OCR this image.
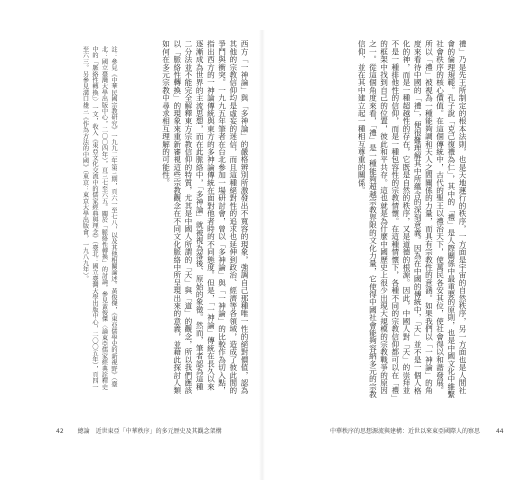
西方「一神論」與「多神論」的嚴格辨別所激發出不寬容的現象，強調自己那種唯一性的絕對價值，認為其他的宗教信仰均是虛妄的迷信，而且這種絕對性的追求也延伸到政治、經濟等各領域，造成了彼此間的爭鬥與衝突。一九九五年筆者在台北參加一場研討會，曾以「多神論」與「一神論」的比較作為切入點，指出西方的一神論傳統與東方的多神論傳統在面對他者時的不同態度。但是，「一神論」傳統在長久以來逐漸成為世界的主流思想，而在此脈絡中，「多神論」就被視為落後、原始的象徵。然而，筆者認為這種二分法並不能完全解釋東方宗教信仰的特質，尤其是中國人所謂的「天」與「道」的觀念，所以我們應該以「脈絡性轉換」的現象來重新審視這些宗教觀念在不同文化脈絡中所呈現出來的意義，並藉此探討人類如何在多元宗教中尋求相互理解的可能性。
註：參見《中華民國宗教研究》一九九二年第三期，頁六一至七八，以及其他相關論述。黃俊傑，《東亞儒學史的新視野》（臺北：國立臺灣大學出版中心，二〇〇四年），頁三七至六五。關於「脈絡性轉換」的討論，參見黃俊傑〈論東亞儒家經典詮釋史中的「脈絡性轉換」〉一文，收入《東亞文化交流中的儒家經典與理念》（臺北：國立臺灣大學出版中心，二〇〇五年），頁四一至六三。另參見溝口雄三《作為方法的中國》（東京：東京大學出版會，一九八九年）。	禮」乃是先王所制定的根本法則，也是天地運行的秩序，一方面是宇宙的自然秩序，另一方面也是人間社會的倫理規範。孔子說「克己復禮為仁」，其中的「禮」是人際關係中最重要的原則，也是中國文化中維繫社會秩序的核心價值。在這個傳統中，古代的聖王以禮治天下，使萬民各安其位，使社會得以和諧發展。所以「禮」被視為一種能夠調和天人之間關係的力量，而具有宗教性的意涵。如果我們以「一神論」的角度來看待中國的「禮」，便很難理解其中所蘊含的深刻意義。因為在中國的傳統中，「天」並不是一個人格化的神，而是一種超越性的存在，它既是自然的秩序，又是道德的根源。因此，中國人對「天」的崇拜並不是一種排他性的信仰，而是一種包容性的宗教情懷。在這種情懷下，各種不同的宗教信仰都可以在「禮」的框架中找到自己的位置，彼此和平共存。這也就是為什麼中國歷史上很少出現大規模的宗教戰爭的原因之一。從這個角度來看，「禮」是一種能夠超越宗教界限的文化力量，它使得中國社會能夠容納多元的宗教信仰，並在其中建立起一種相互尊重的關係。
42 總論　近世東亞「中華秩序」的多元歷史及其觀念架構	中華秩序的思想源流與建構：近世以來東亞國際人的察思	44
